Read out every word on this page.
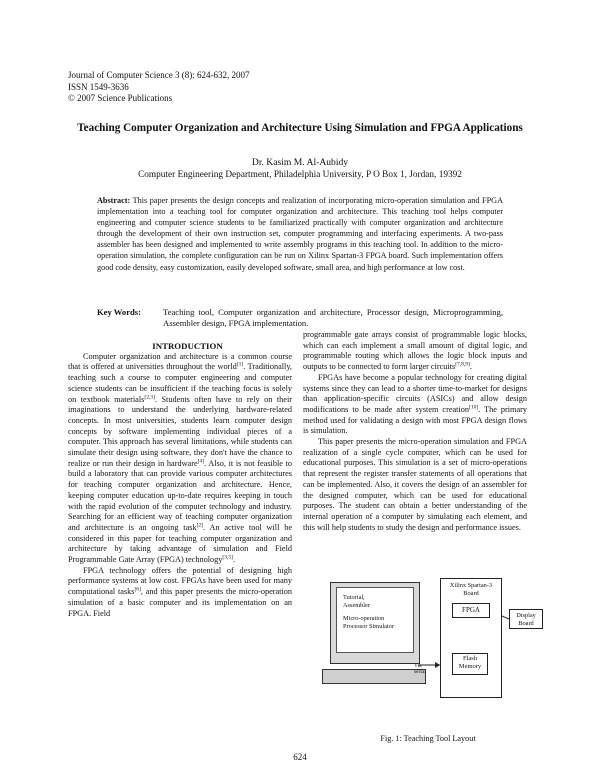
Journal of Computer Science 3 (8): 624-632, 2007
ISSN 1549-3636
© 2007 Science Publications
Teaching Computer Organization and Architecture Using Simulation and FPGA Applications
Dr. Kasim M. Al-Aubidy
Computer Engineering Department, Philadelphia University, P O Box 1, Jordan, 19392
Abstract: This paper presents the design concepts and realization of incorporating micro-operation simulation and FPGA implementation into a teaching tool for computer organization and architecture. This teaching tool helps computer engineering and computer science students to be familiarized practically with computer organization and architecture through the development of their own instruction set, computer programming and interfacing experiments. A two-pass assembler has been designed and implemented to write assembly programs in this teaching tool. In addition to the micro-operation simulation, the complete configuration can be run on Xilinx Spartan-3 FPGA board. Such implementation offers good code density, easy customization, easily developed software, small area, and high performance at low cost.
Key Words:	Teaching tool, Computer organization and architecture, Processor design, Microprogramming, Assembler design, FPGA implementation.

INTRODUCTION

Computer organization and architecture is a common course that is offered at universities throughout the world[1]. Traditionally, teaching such a course to computer engineering and computer science students can be insufficient if the teaching focus is solely on textbook materials[2,3]. Students often have to rely on their imaginations to understand the underlying hardware-related concepts. In most universities, students learn computer design concepts by software implementing individual pieces of a computer. This approach has several limitations, while students can simulate their design using software, they don't have the chance to realize or run their design in hardware[4]. Also, it is not feasible to build a laboratory that can provide various computer architectures for teaching computer organization and architecture. Hence, keeping computer education up-to-date requires keeping in touch with the rapid evolution of the computer technology and industry. Searching for an efficient way of teaching computer organization and architecture is an ongoing task[2]. An active tool will be considered in this paper for teaching computer organization and architecture by taking advantage of simulation and Field Programmable Gate Array (FPGA) technology[3,5].

FPGA technology offers the potential of designing high performance systems at low cost. FPGAs have been used for many computational tasks[6], and this paper presents the micro-operation simulation of a basic computer and its implementation on an FPGA. Field

programmable gate arrays consist of programmable logic blocks, which can each implement a small amount of digital logic, and programmable routing which allows the logic block inputs and outputs to be connected to form larger circuits[7,8,9].

FPGAs have become a popular technology for creating digital systems since they can lead to a shorter time-to-market for designs than application-specific circuits (ASICs) and allow design modifications to be made after system creation[10]. The primary method used for validating a design with most FPGA design flows is simulation.

This paper presents the micro-operation simulation and FPGA realization of a single cycle computer, which can be used for educational purposes. This simulation is a set of micro-operations that represent the register transfer statements of all operations that can be implemented. Also, it covers the design of an assembler for the designed computer, which can be used for educational purposes. The student can obtain a better understanding of the internal operation of a computer by simulating each element, and this will help students to study the design and performance issues.

Tutorial,
Assembler
Micro-operation
Processor Simulator
Via
serial
Xilinx Spartan-3
Board
FPGA
Flash
Memory
Display
Board
Fig. 1: Teaching Tool Layout
624
